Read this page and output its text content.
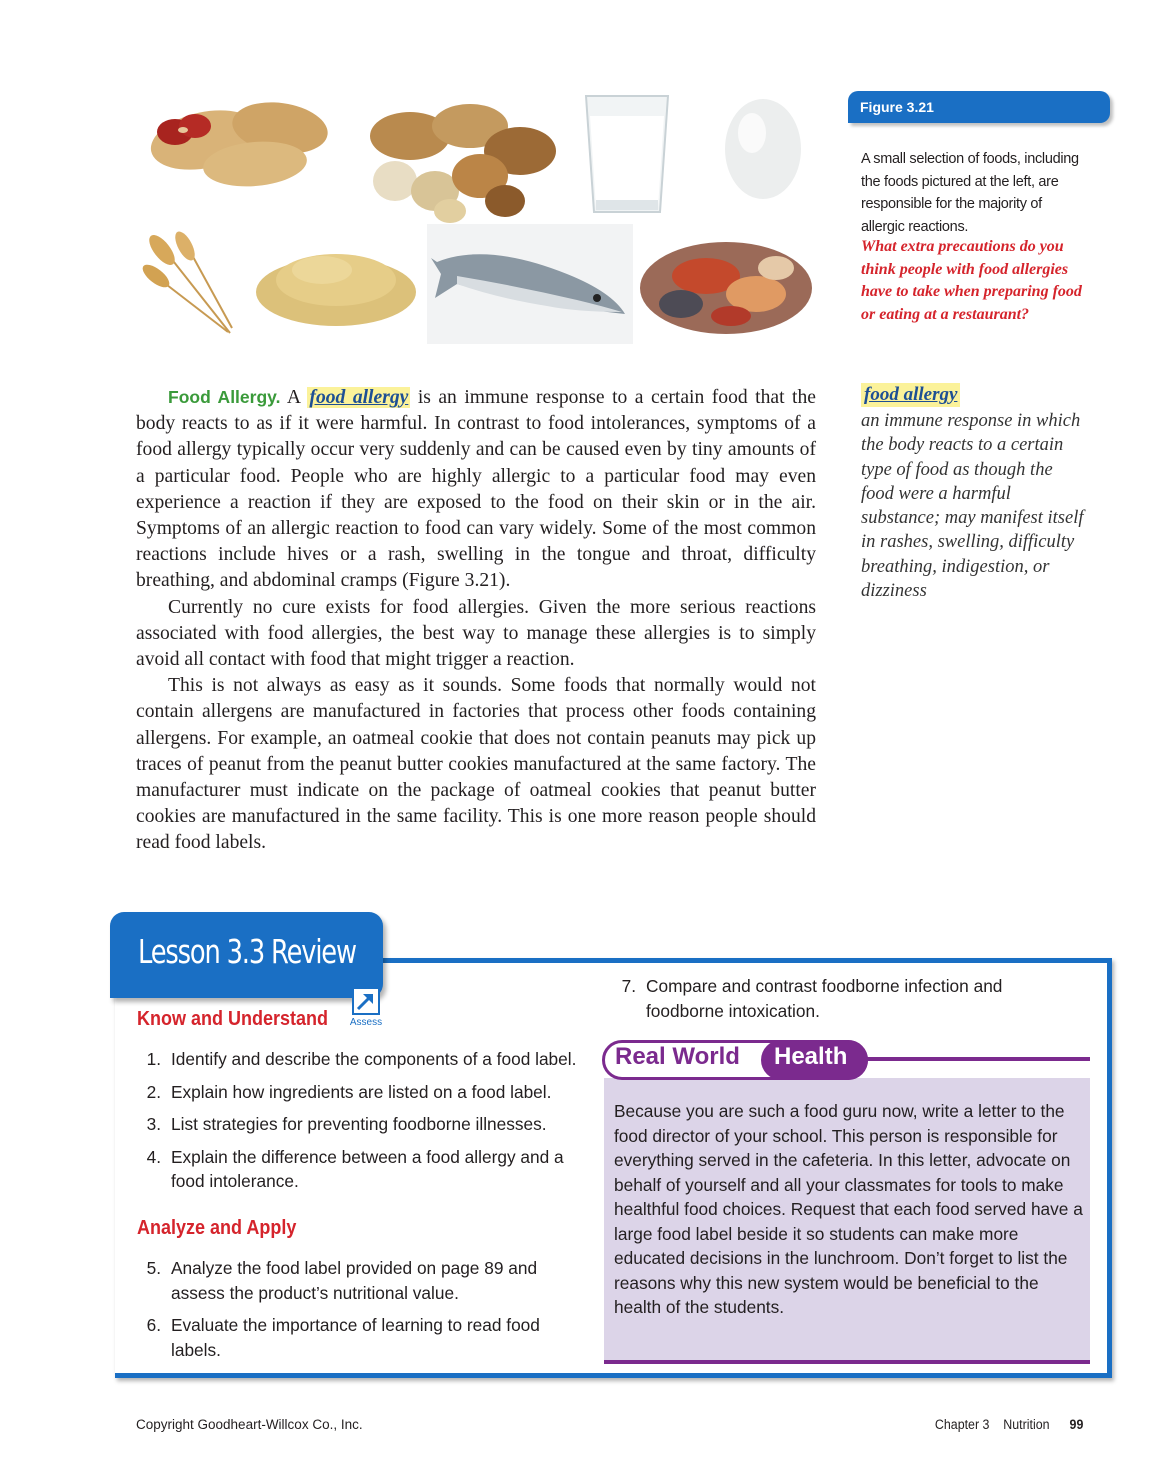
Figure 3.21
A small selection of foods, including the foods pictured at the left, are responsible for the majority of allergic reactions.
What extra precautions do you think people with food allergies have to take when preparing food or eating at a restaurant?

Food Allergy. A food allergy is an immune response to a certain food that the body reacts to as if it were harmful. In contrast to food intolerances, symptoms of a food allergy typically occur very suddenly and can be caused even by tiny amounts of a particular food. People who are highly allergic to a particular food may even experience a reaction if they are exposed to the food on their skin or in the air. Symptoms of an allergic reaction to food can vary widely. Some of the most common reactions include hives or a rash, swelling in the tongue and throat, difficulty breathing, and abdominal cramps (Figure 3.21).

Currently no cure exists for food allergies. Given the more serious reactions associated with food allergies, the best way to manage these allergies is to simply avoid all contact with food that might trigger a reaction.

This is not always as easy as it sounds. Some foods that normally would not contain allergens are manufactured in factories that process other foods containing allergens. For example, an oatmeal cookie that does not contain peanuts may pick up traces of peanut from the peanut butter cookies manufactured at the same factory. The manufacturer must indicate on the package of oatmeal cookies that peanut butter cookies are manufactured in the same facility. This is one more reason people should read food labels.

food allergy
an immune response in which the body reacts to a certain type of food as though the food were a harmful substance; may manifest itself in rashes, swelling, difficulty breathing, indigestion, or dizziness
Lesson 3.3 Review
Know and Understand	Assess
1. Identify and describe the components of a food label.
2. Explain how ingredients are listed on a food label.
3. List strategies for preventing foodborne illnesses.
4. Explain the difference between a food allergy and a food intolerance.
Analyze and Apply
5. Analyze the food label provided on page 89 and assess the product’s nutritional value.
6. Evaluate the importance of learning to read food labels.
7. Compare and contrast foodborne infection and foodborne intoxication.
Real World Health
Because you are such a food guru now, write a letter to the food director of your school. This person is responsible for everything served in the cafeteria. In this letter, advocate on behalf of yourself and all your classmates for tools to make healthful food choices. Request that each food served have a large food label beside it so students can make more educated decisions in the lunchroom. Don’t forget to list the reasons why this new system would be beneficial to the health of the students.
Copyright Goodheart-Willcox Co., Inc.	Chapter 3 Nutrition 99
